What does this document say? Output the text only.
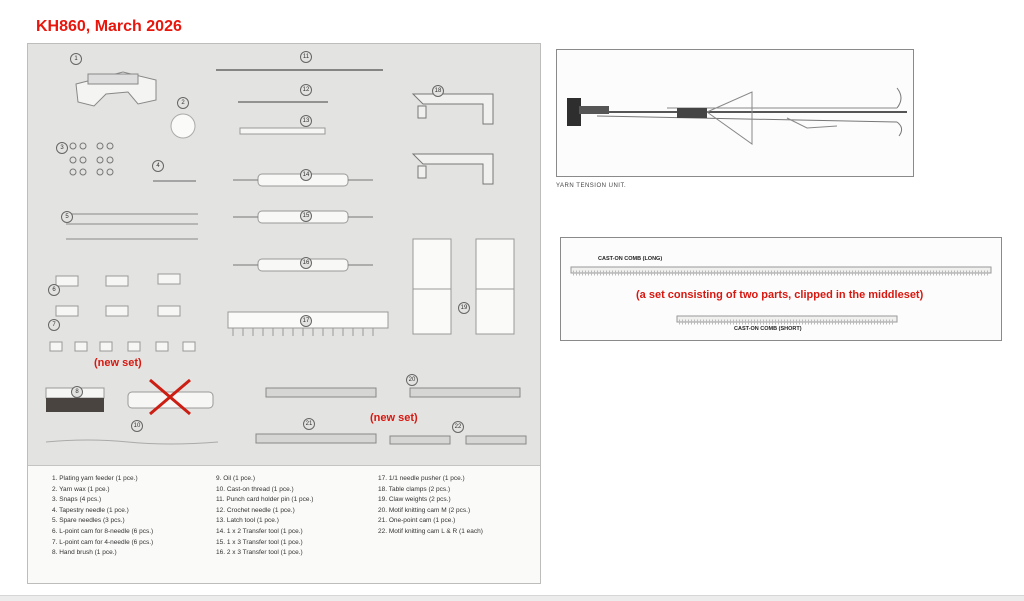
KH860, March 2026
1
2
3
4
5
6
7
8
10
11
12
13
14
15
16
17
18
19
20
21	22
(new set)
(new set)
1. Plating yarn feeder (1 pce.)
2. Yarn wax (1 pce.)
3. Snaps (4 pcs.)
4. Tapestry needle (1 pce.)
5. Spare needles (3 pcs.)
6. L-point cam for 8-needle (6 pcs.)
7. L-point cam for 4-needle (6 pcs.)
8. Hand brush (1 pce.)
9. Oil (1 pce.)
10. Cast-on thread (1 pce.)
11. Punch card holder pin (1 pce.)
12. Crochet needle (1 pce.)
13. Latch tool (1 pce.)
14. 1 x 2 Transfer tool (1 pce.)
15. 1 x 3 Transfer tool (1 pce.)
16. 2 x 3 Transfer tool (1 pce.)
17. 1/1 needle pusher (1 pce.)
18. Table clamps (2 pcs.)
19. Claw weights (2 pcs.)
20. Motif knitting cam M (2 pcs.)
21. One-point cam (1 pce.)
22. Motif knitting cam L & R (1 each)
YARN TENSION UNIT.
CAST-ON COMB (LONG)
CAST-ON COMB (SHORT)
(a set consisting of two parts, clipped in the middleset)
